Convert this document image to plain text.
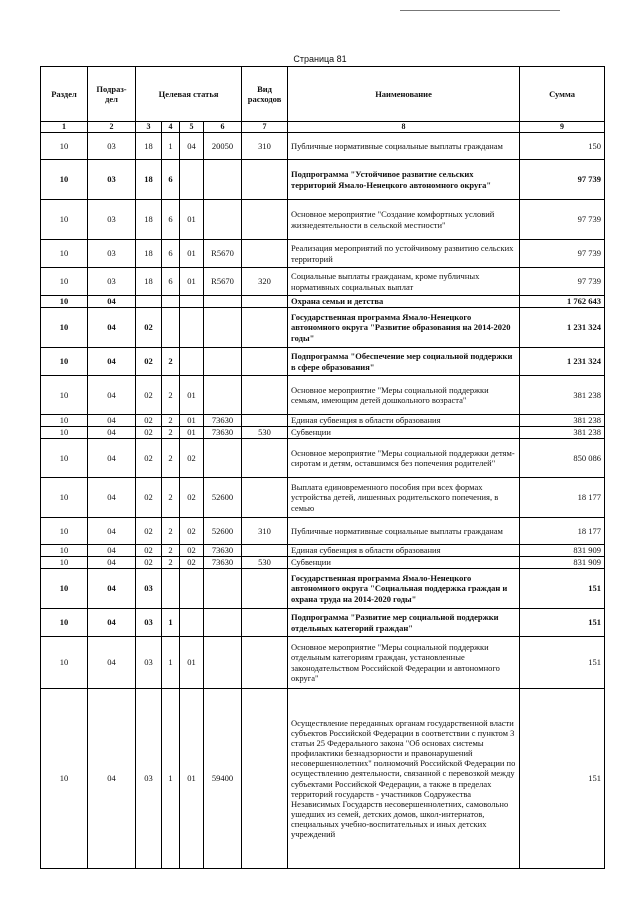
Страница 81
Раздел	Подраз-дел	Целевая статья				Вид расходов	Наименование	Сумма
1	2	3	4	5	6	7	8	9
10	03	18	1	04	20050	310	Публичные нормативные социальные выплаты гражданам	150
10	03	18	6				Подпрограмма "Устойчивое развитие сельских территорий Ямало-Ненецкого автономного округа"	97 739
10	03	18	6	01			Основное мероприятие "Создание комфортных условий жизнедеятельности в сельской местности"	97 739
10	03	18	6	01	R5670		Реализация мероприятий по устойчивому развитию сельских территорий	97 739
10	03	18	6	01	R5670	320	Социальные выплаты гражданам, кроме публичных нормативных социальных выплат	97 739
10	04						Охрана семьи и детства	1 762 643
10	04	02					Государственная программа Ямало-Ненецкого автономного округа "Развитие образования на 2014-2020 годы"	1 231 324
10	04	02	2				Подпрограмма "Обеспечение мер социальной поддержки в сфере образования"	1 231 324
10	04	02	2	01			Основное мероприятие "Меры социальной поддержки семьям, имеющим детей дошкольного возраста"	381 238
10	04	02	2	01	73630		Единая субвенция в области образования	381 238
10	04	02	2	01	73630	530	Субвенции	381 238
10	04	02	2	02			Основное мероприятие "Меры социальной поддержки детям-сиротам и детям, оставшимся без попечения родителей"	850 086
10	04	02	2	02	52600		Выплата единовременного пособия при всех формах устройства детей, лишенных родительского попечения, в семью	18 177
10	04	02	2	02	52600	310	Публичные нормативные социальные выплаты гражданам	18 177
10	04	02	2	02	73630		Единая субвенция в области образования	831 909
10	04	02	2	02	73630	530	Субвенции	831 909
10	04	03					Государственная программа Ямало-Ненецкого автономного округа "Социальная поддержка граждан и охрана труда на 2014-2020 годы"	151
10	04	03	1				Подпрограмма "Развитие мер социальной поддержки отдельных категорий граждан"	151
10	04	03	1	01			Основное мероприятие "Меры социальной поддержки отдельным категориям граждан, установленные законодательством Российской Федерации и автономного округа"	151
10	04	03	1	01	59400		Осуществление переданных органам государственной власти субъектов Российской Федерации в соответствии с пунктом 3 статьи 25 Федерального закона "Об основах системы профилактики безнадзорности и правонарушений несовершеннолетних" полномочий Российской Федерации по осуществлению деятельности, связанной с перевозкой между субъектами Российской Федерации, а также в пределах территорий государств - участников Содружества Независимых Государств несовершеннолетних, самовольно ушедших из семей, детских домов, школ-интернатов, специальных учебно-воспитательных и иных детских учреждений	151
